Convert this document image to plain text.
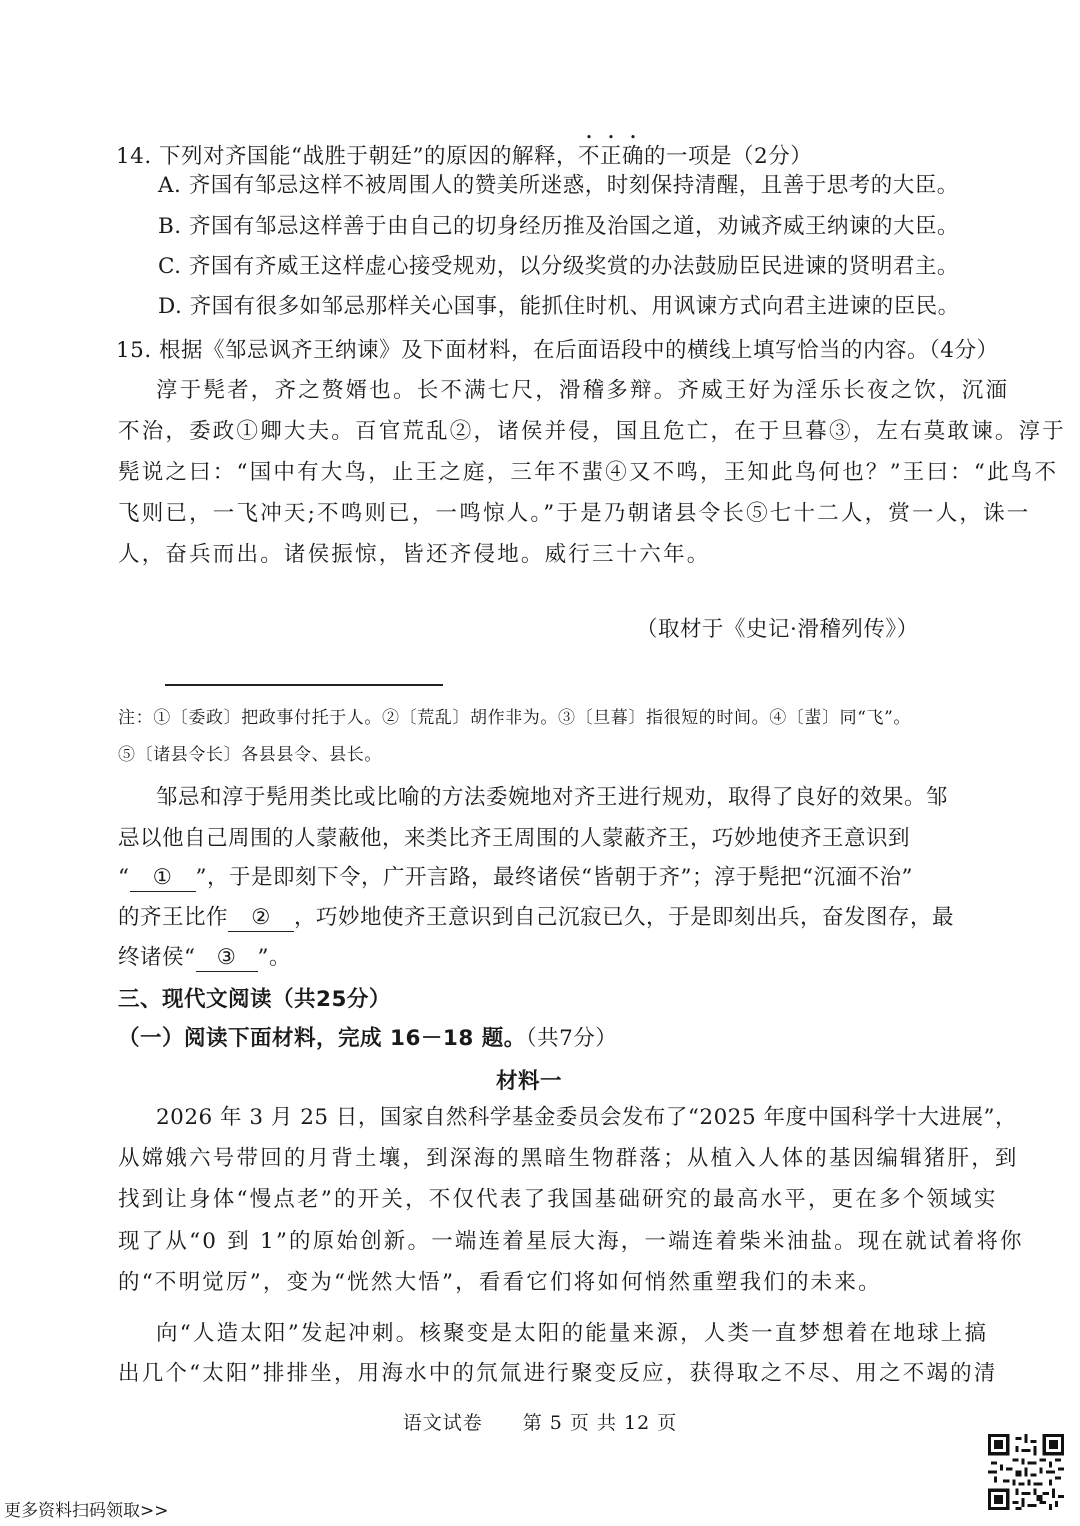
14. 下列对齐国能“战胜于朝廷”的原因的解释，不正确的一项是（2分）
A. 齐国有邹忌这样不被周围人的赞美所迷惑，时刻保持清醒，且善于思考的大臣。
B. 齐国有邹忌这样善于由自己的切身经历推及治国之道，劝诫齐威王纳谏的大臣。
C. 齐国有齐威王这样虚心接受规劝，以分级奖赏的办法鼓励臣民进谏的贤明君主。
D. 齐国有很多如邹忌那样关心国事，能抓住时机、用讽谏方式向君主进谏的臣民。
15. 根据《邹忌讽齐王纳谏》及下面材料，在后面语段中的横线上填写恰当的内容。（4分）
淳于髡者，齐之赘婿也。长不满七尺，滑稽多辩。齐威王好为淫乐长夜之饮，沉湎
不治，委政①卿大夫。百官荒乱②，诸侯并侵，国且危亡，在于旦暮③，左右莫敢谏。淳于
髡说之曰：“国中有大鸟，止王之庭，三年不蜚④又不鸣，王知此鸟何也？”王曰：“此鸟不
飞则已，一飞冲天;不鸣则已，一鸣惊人。”于是乃朝诸县令长⑤七十二人，赏一人，诛一
人，奋兵而出。诸侯振惊，皆还齐侵地。威行三十六年。
（取材于《史记·滑稽列传》）
注：①〔委政〕把政事付托于人。②〔荒乱〕胡作非为。③〔旦暮〕指很短的时间。④〔蜚〕同“飞”。
⑤〔诸县令长〕各县县令、县长。
邹忌和淳于髡用类比或比喻的方法委婉地对齐王进行规劝，取得了良好的效果。邹
忌以他自己周围的人蒙蔽他，来类比齐王周围的人蒙蔽齐王，巧妙地使齐王意识到
“ ① ”，于是即刻下令，广开言路，最终诸侯“皆朝于齐”；淳于髡把“沉湎不治”
的齐王比作 ② ，巧妙地使齐王意识到自己沉寂已久，于是即刻出兵，奋发图存，最
终诸侯“ ③ ”。
三、现代文阅读（共25分）
（一）阅读下面材料，完成 16－18 题。（共7分）
材料一
2026 年 3 月 25 日，国家自然科学基金委员会发布了“2025 年度中国科学十大进展”，
从嫦娥六号带回的月背土壤，到深海的黑暗生物群落；从植入人体的基因编辑猪肝，到
找到让身体“慢点老”的开关，不仅代表了我国基础研究的最高水平，更在多个领域实
现了从“0 到 1”的原始创新。一端连着星辰大海，一端连着柴米油盐。现在就试着将你
的“不明觉厉”，变为“恍然大悟”，看看它们将如何悄然重塑我们的未来。
向“人造太阳”发起冲刺。核聚变是太阳的能量来源，人类一直梦想着在地球上搞
出几个“太阳”排排坐，用海水中的氘氚进行聚变反应，获得取之不尽、用之不竭的清
语文试卷　　第 5 页 共 12 页
更多资料扫码领取>>
